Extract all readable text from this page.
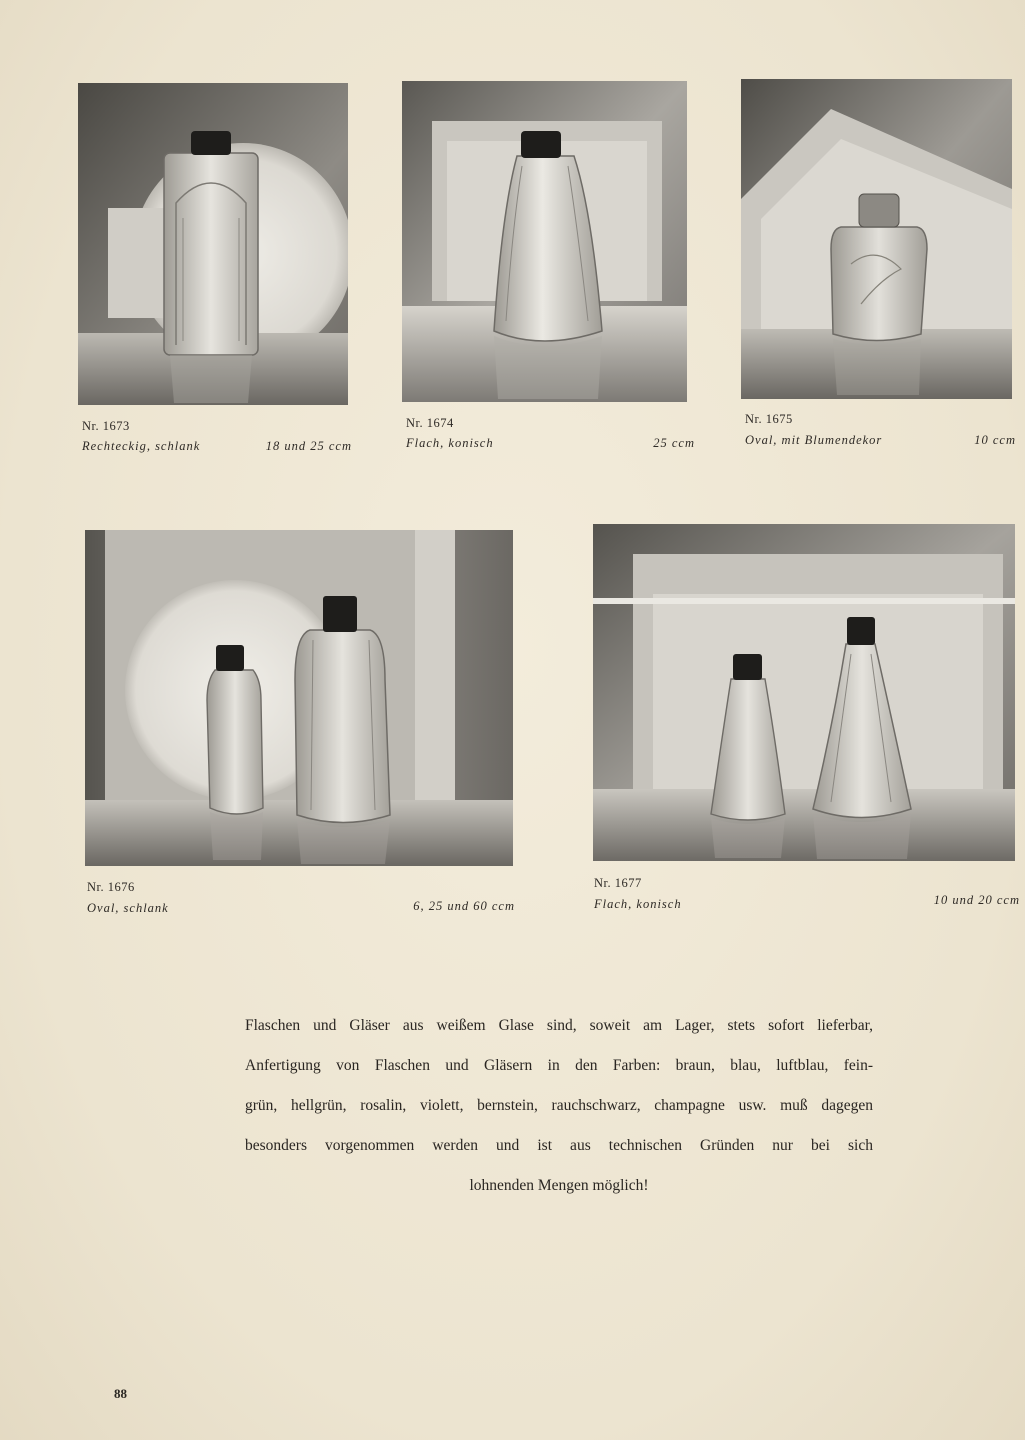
Nr. 1673
Rechteckig, schlank	18 und 25 ccm
Nr. 1674
Flach, konisch	25 ccm
Nr. 1675
Oval, mit Blumendekor	10 ccm
Nr. 1676
Oval, schlank	6, 25 und 60 ccm
Nr. 1677
Flach, konisch	10 und 20 ccm
Flaschen und Gläser aus weißem Glase sind, soweit am Lager, stets sofort lieferbar,
Anfertigung von Flaschen und Gläsern in den Farben: braun, blau, luftblau, fein-
grün, hellgrün, rosalin, violett, bernstein, rauchschwarz, champagne usw. muß dagegen
besonders vorgenommen werden und ist aus technischen Gründen nur bei sich
lohnenden Mengen möglich!
88
